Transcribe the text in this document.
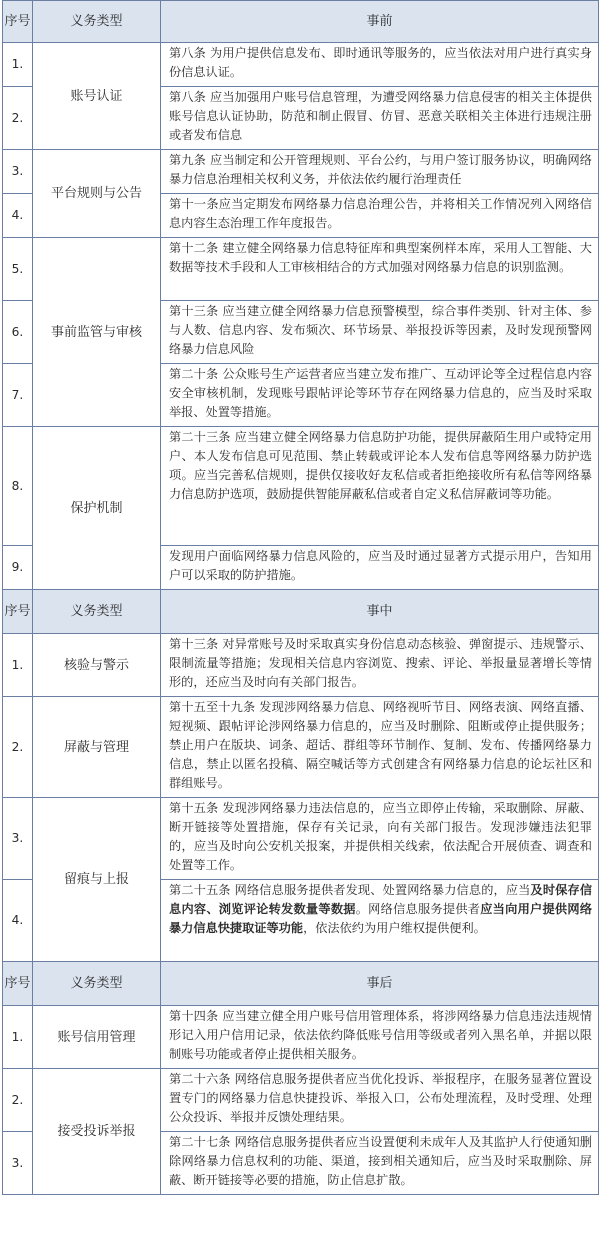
序号	义务类型	事前
1.	账号认证	第八条 为用户提供信息发布、即时通讯等服务的，应当依法对用户进行真实身份信息认证。
2.		第八条 应当加强用户账号信息管理，为遭受网络暴力信息侵害的相关主体提供账号信息认证协助，防范和制止假冒、仿冒、恶意关联相关主体进行违规注册或者发布信息
3.	平台规则与公告	第九条 应当制定和公开管理规则、平台公约，与用户签订服务协议，明确网络暴力信息治理相关权利义务，并依法依约履行治理责任
4.		第十一条应当定期发布网络暴力信息治理公告，并将相关工作情况列入网络信息内容生态治理工作年度报告。
5.	事前监管与审核	第十二条 建立健全网络暴力信息特征库和典型案例样本库，采用人工智能、大数据等技术手段和人工审核相结合的方式加强对网络暴力信息的识别监测。
6.		第十三条 应当建立健全网络暴力信息预警模型，综合事件类别、针对主体、参与人数、信息内容、发布频次、环节场景、举报投诉等因素，及时发现预警网络暴力信息风险
7.		第二十条 公众账号生产运营者应当建立发布推广、互动评论等全过程信息内容安全审核机制，发现账号跟帖评论等环节存在网络暴力信息的，应当及时采取举报、处置等措施。
8.	保护机制	第二十三条 应当建立健全网络暴力信息防护功能，提供屏蔽陌生用户或特定用户、本人发布信息可见范围、禁止转载或评论本人发布信息等网络暴力防护选项。应当完善私信规则，提供仅接收好友私信或者拒绝接收所有私信等网络暴力信息防护选项，鼓励提供智能屏蔽私信或者自定义私信屏蔽词等功能。
9.		发现用户面临网络暴力信息风险的，应当及时通过显著方式提示用户，告知用户可以采取的防护措施。
序号	义务类型	事中
1.	核验与警示	第十三条 对异常账号及时采取真实身份信息动态核验、弹窗提示、违规警示、限制流量等措施；发现相关信息内容浏览、搜索、评论、举报量显著增长等情形的，还应当及时向有关部门报告。
2.	屏蔽与管理	第十五至十九条 发现涉网络暴力信息、网络视听节目、网络表演、网络直播、短视频、跟帖评论涉网络暴力信息的，应当及时删除、阻断或停止提供服务；禁止用户在版块、词条、超话、群组等环节制作、复制、发布、传播网络暴力信息，禁止以匿名投稿、隔空喊话等方式创建含有网络暴力信息的论坛社区和群组账号。
3.	留痕与上报	第十五条 发现涉网络暴力违法信息的，应当立即停止传输，采取删除、屏蔽、断开链接等处置措施，保存有关记录，向有关部门报告。发现涉嫌违法犯罪的，应当及时向公安机关报案，并提供相关线索，依法配合开展侦查、调查和处置等工作。
4.		第二十五条 网络信息服务提供者发现、处置网络暴力信息的，应当及时保存信息内容、浏览评论转发数量等数据。网络信息服务提供者应当向用户提供网络暴力信息快捷取证等功能，依法依约为用户维权提供便利。
序号	义务类型	事后
1.	账号信用管理	第十四条 应当建立健全用户账号信用管理体系，将涉网络暴力信息违法违规情形记入用户信用记录，依法依约降低账号信用等级或者列入黑名单，并据以限制账号功能或者停止提供相关服务。
2.	接受投诉举报	第二十六条 网络信息服务提供者应当优化投诉、举报程序，在服务显著位置设置专门的网络暴力信息快捷投诉、举报入口，公布处理流程，及时受理、处理公众投诉、举报并反馈处理结果。
3.		第二十七条 网络信息服务提供者应当设置便利未成年人及其监护人行使通知删除网络暴力信息权利的功能、渠道，接到相关通知后，应当及时采取删除、屏蔽、断开链接等必要的措施，防止信息扩散。
